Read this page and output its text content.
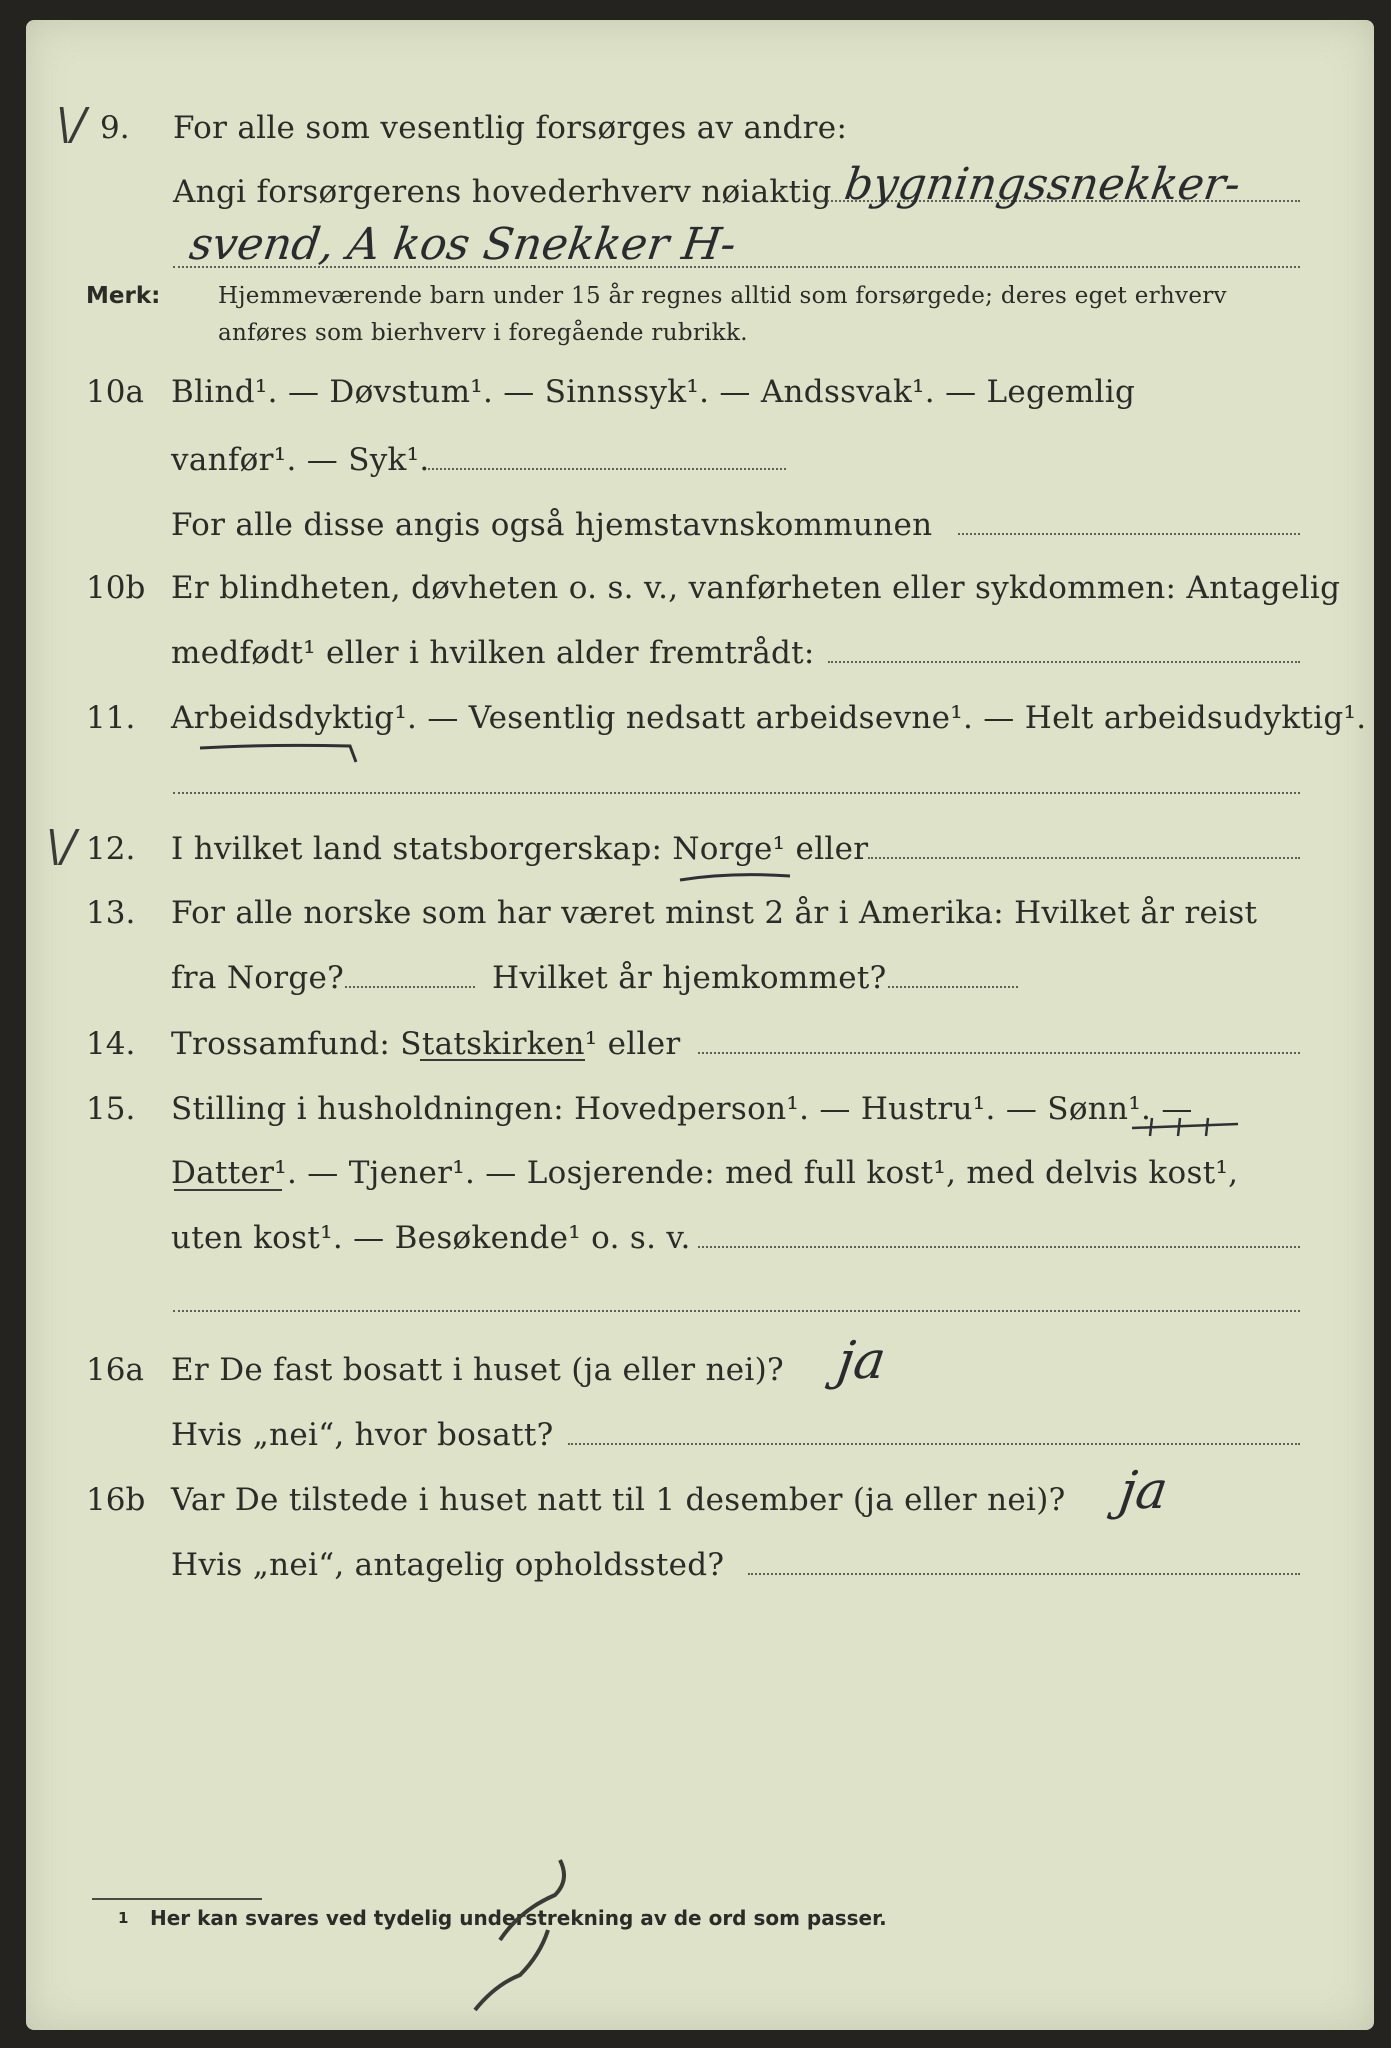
\/ 9. For alle som vesentlig forsørges av andre:
Angi forsørgerens hovederhverv nøiaktig bygningssnekker-
svend, A kos Snekker H-
Merk:	Hjemmeværende barn under 15 år regnes alltid som forsørgede; deres eget erhverv
anføres som bierhverv i foregående rubrikk.
10a Blind¹. — Døvstum¹. — Sinnssyk¹. — Andssvak¹. — Legemlig
vanfør¹. — Syk¹.
For alle disse angis også hjemstavnskommunen
10b Er blindheten, døvheten o. s. v., vanførheten eller sykdommen: Antagelig
medfødt¹ eller i hvilken alder fremtrådt:
11. Arbeidsdyktig¹. — Vesentlig nedsatt arbeidsevne¹. — Helt arbeidsudyktig¹.
\/ 12. I hvilket land statsborgerskap: Norge¹ eller
13. For alle norske som har været minst 2 år i Amerika: Hvilket år reist
fra Norge?	Hvilket år hjemkommet?
14. Trossamfund: Statskirken¹ eller
15. Stilling i husholdningen: Hovedperson¹. — Hustru¹. — Sønn¹. —
Datter¹. — Tjener¹. — Losjerende: med full kost¹, med delvis kost¹,
uten kost¹. — Besøkende¹ o. s. v.
16a Er De fast bosatt i huset (ja eller nei)? ja
Hvis „nei“, hvor bosatt?
16b Var De tilstede i huset natt til 1 desember (ja eller nei)? ja
Hvis „nei“, antagelig opholdssted?
1 Her kan svares ved tydelig understrekning av de ord som passer.
